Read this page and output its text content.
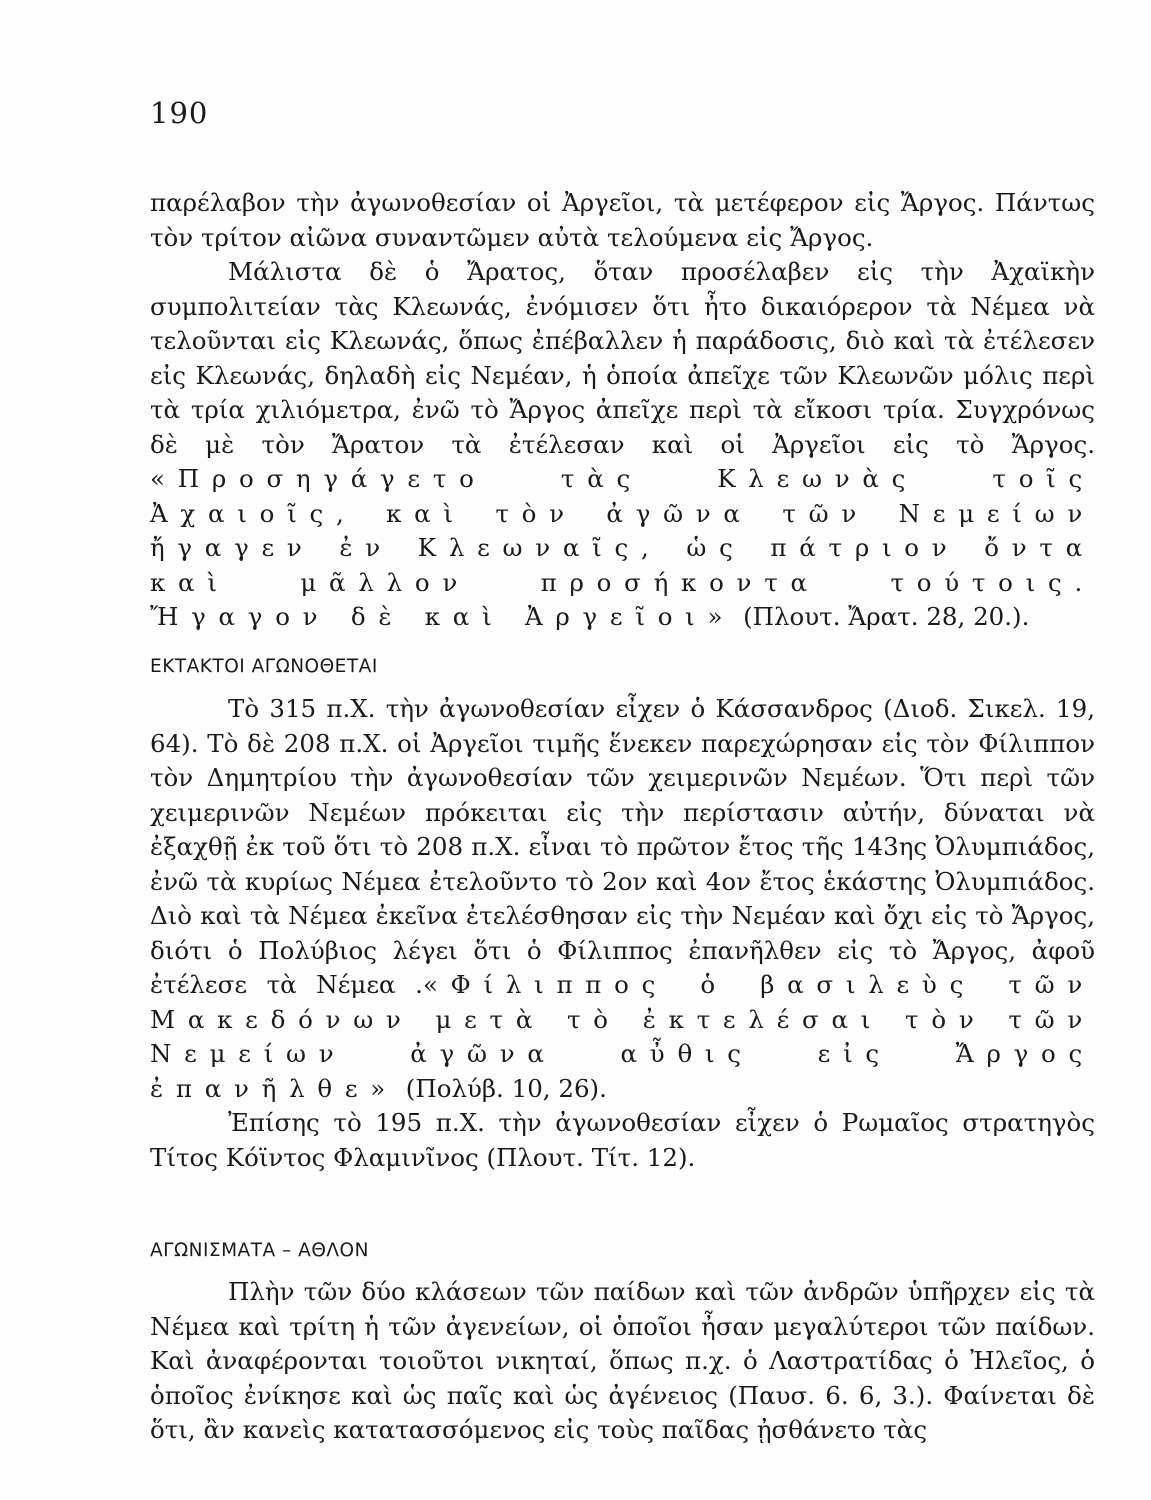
190

παρέλαβον τὴν ἀγωνοθεσίαν οἱ Ἀργεῖοι, τὰ μετέφερον εἰς Ἄργος. Πάντως τὸν τρίτον αἰῶνα συναντῶμεν αὐτὰ τελούμενα εἰς Ἄργος.

Μάλιστα δὲ ὁ Ἄρατος, ὅταν προσέλαβεν εἰς τὴν Ἀχαϊκὴν συμπολιτείαν τὰς Κλεωνάς, ἐνόμισεν ὅτι ἦτο δικαιόρερον τὰ Νέμεα νὰ τελοῦνται εἰς Κλεωνάς, ὅπως ἐπέβαλλεν ἡ παράδοσις, διὸ καὶ τὰ ἐτέλεσεν εἰς Κλεωνάς, δηλαδὴ εἰς Νεμέαν, ἡ ὁποία ἀπεῖχε τῶν Κλεωνῶν μόλις περὶ τὰ τρία χιλιόμετρα, ἐνῶ τὸ Ἄργος ἀπεῖχε περὶ τὰ εἴκοσι τρία. Συγχρόνως δὲ μὲ τὸν Ἄρατον τὰ ἐτέλεσαν καὶ οἱ Ἀργεῖοι εἰς τὸ Ἄργος. «Προσηγάγετο τὰς Κλεωνὰς τοῖς Ἀχαιοῖς, καὶ τὸν ἀγῶνα τῶν Νεμείων ἤγαγεν ἐν Κλεωναῖς, ὡς πάτριον ὄντα καὶ μᾶλλον προσήκοντα τούτοις. Ἤγαγον δὲ καὶ Ἀργεῖοι» (Πλουτ. Ἄρατ. 28, 20.).

ΕΚΤΑΚΤΟΙ ΑΓΩΝΟΘΕΤΑΙ

Τὸ 315 π.Χ. τὴν ἀγωνοθεσίαν εἶχεν ὁ Κάσσανδρος (Διοδ. Σικελ. 19, 64). Τὸ δὲ 208 π.Χ. οἱ Ἀργεῖοι τιμῆς ἕνεκεν παρεχώρησαν εἰς τὸν Φίλιππον τὸν Δημητρίου τὴν ἀγωνοθεσίαν τῶν χειμερινῶν Νεμέων. Ὅτι περὶ τῶν χειμερινῶν Νεμέων πρόκειται εἰς τὴν περίστασιν αὐτήν, δύναται νὰ ἐξαχθῇ ἐκ τοῦ ὅτι τὸ 208 π.Χ. εἶναι τὸ πρῶτον ἔτος τῆς 143ης Ὀλυμπιάδος, ἐνῶ τὰ κυρίως Νέμεα ἐτελοῦντο τὸ 2ον καὶ 4ον ἔτος ἑκάστης Ὀλυμπιάδος. Διὸ καὶ τὰ Νέμεα ἐκεῖνα ἐτελέσθησαν εἰς τὴν Νεμέαν καὶ ὄχι εἰς τὸ Ἄργος, διότι ὁ Πολύβιος λέγει ὅτι ὁ Φίλιππος ἐπανῆλθεν εἰς τὸ Ἄργος, ἀφοῦ ἐτέλεσε τὰ Νέμεα .«Φίλιππος ὁ βασιλεὺς τῶν Μακεδόνων μετὰ τὸ ἐκτελέσαι τὸν τῶν Νεμείων ἀγῶνα αὖθις εἰς Ἄργος ἐπανῆλθε» (Πολύβ. 10, 26).

Ἐπίσης τὸ 195 π.Χ. τὴν ἀγωνοθεσίαν εἶχεν ὁ Ρωμαῖος στρατηγὸς Τίτος Κόϊντος Φλαμινῖνος (Πλουτ. Τίτ. 12).

ΑΓΩΝΙΣΜΑΤΑ – ΑΘΛΟΝ

Πλὴν τῶν δύο κλάσεων τῶν παίδων καὶ τῶν ἀνδρῶν ὑπῆρχεν εἰς τὰ Νέμεα καὶ τρίτη ἡ τῶν ἀγενείων, οἱ ὁποῖοι ἦσαν μεγαλύτεροι τῶν παίδων. Καὶ ἀναφέρονται τοιοῦτοι νικηταί, ὅπως π.χ. ὁ Λαστρατίδας ὁ Ἠλεῖος, ὁ ὁποῖος ἐνίκησε καὶ ὡς παῖς καὶ ὡς ἀγένειος (Παυσ. 6. 6, 3.). Φαίνεται δὲ ὅτι, ἂν κανεὶς κατατασσόμενος εἰς τοὺς παῖδας ᾐσθάνετο τὰς
